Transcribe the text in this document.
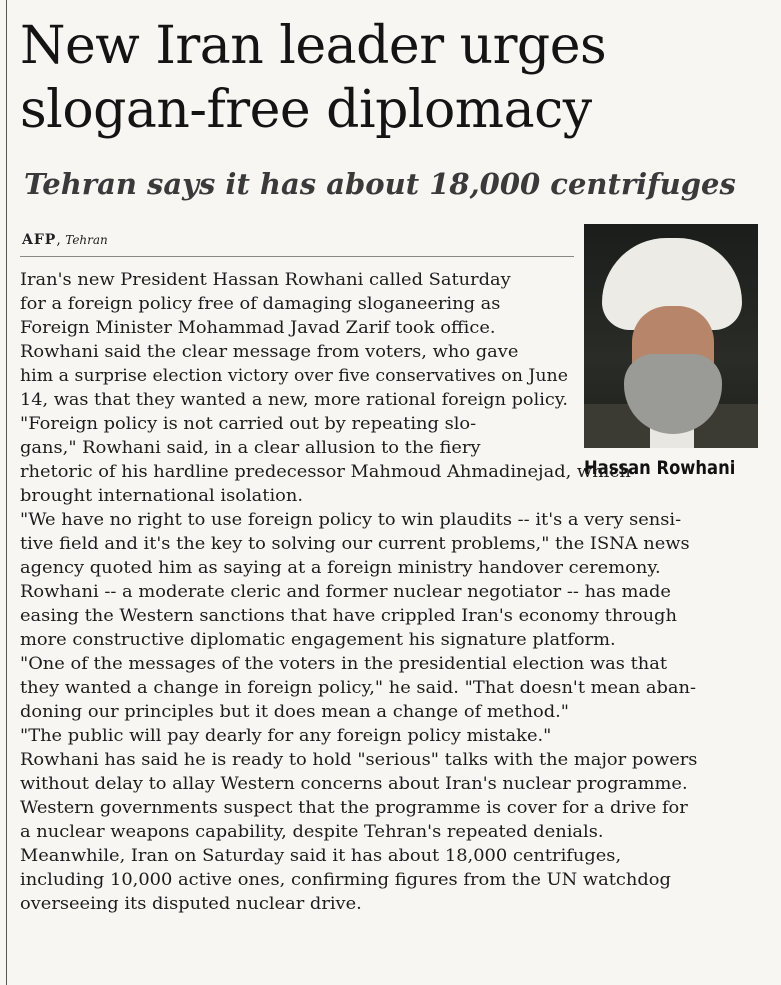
New Iran leader urges
slogan-free diplomacy
Tehran says it has about 18,000 centrifuges
AFP, Tehran
Hassan Rowhani
Iran's new President Hassan Rowhani called Saturday
for a foreign policy free of damaging sloganeering as
Foreign Minister Mohammad Javad Zarif took office.
Rowhani said the clear message from voters, who gave
him a surprise election victory over five conservatives on June
14, was that they wanted a new, more rational foreign policy.
"Foreign policy is not carried out by repeating slo-
gans," Rowhani said, in a clear allusion to the fiery
rhetoric of his hardline predecessor Mahmoud Ahmadinejad, which
brought international isolation.
"We have no right to use foreign policy to win plaudits -- it's a very sensi-
tive field and it's the key to solving our current problems," the ISNA news
agency quoted him as saying at a foreign ministry handover ceremony.
Rowhani -- a moderate cleric and former nuclear negotiator -- has made
easing the Western sanctions that have crippled Iran's economy through
more constructive diplomatic engagement his signature platform.
"One of the messages of the voters in the presidential election was that
they wanted a change in foreign policy," he said. "That doesn't mean aban-
doning our principles but it does mean a change of method."
"The public will pay dearly for any foreign policy mistake."
Rowhani has said he is ready to hold "serious" talks with the major powers
without delay to allay Western concerns about Iran's nuclear programme.
Western governments suspect that the programme is cover for a drive for
a nuclear weapons capability, despite Tehran's repeated denials.
Meanwhile, Iran on Saturday said it has about 18,000 centrifuges,
including 10,000 active ones, confirming figures from the UN watchdog
overseeing its disputed nuclear drive.
